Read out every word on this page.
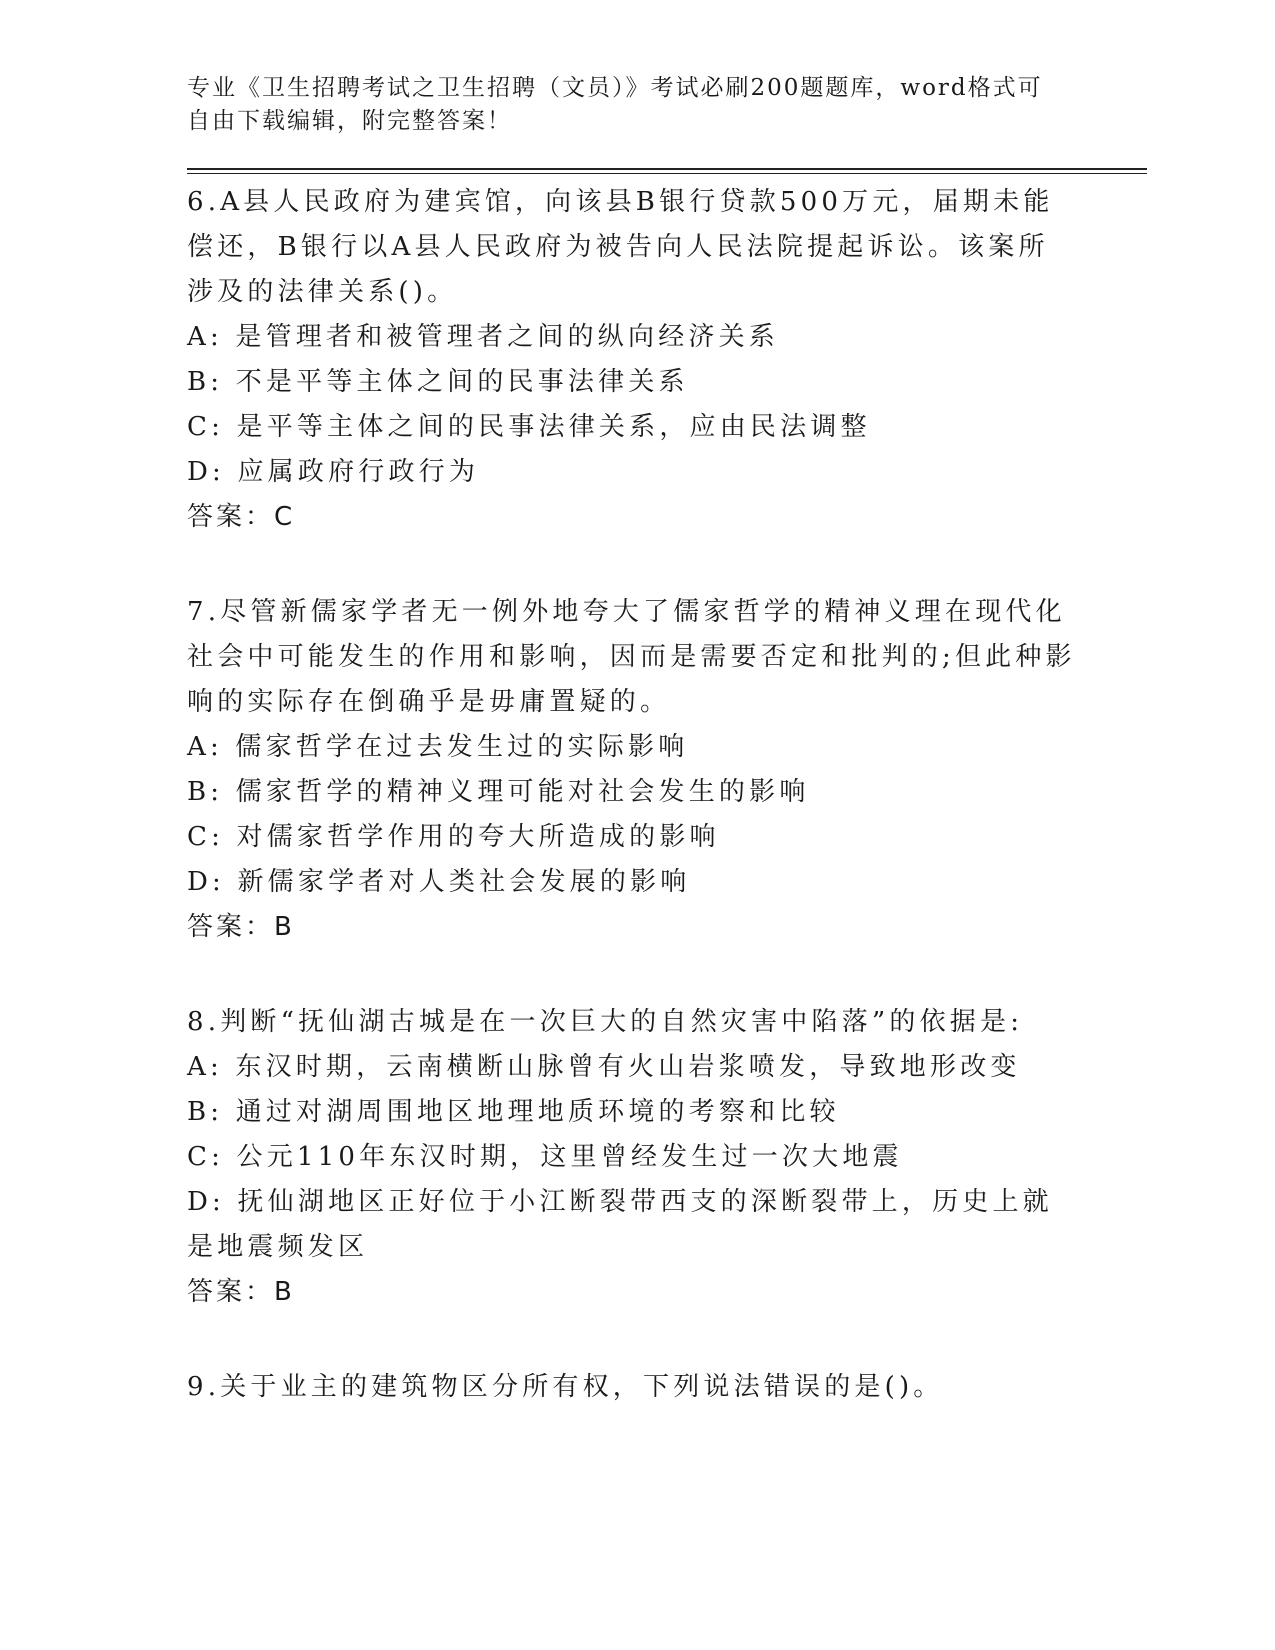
专业《卫生招聘考试之卫生招聘（文员）》考试必刷200题题库，word格式可自由下载编辑，附完整答案！

6.A县人民政府为建宾馆，向该县B银行贷款500万元，届期未能偿还，B银行以A县人民政府为被告向人民法院提起诉讼。该案所涉及的法律关系()。
A: 是管理者和被管理者之间的纵向经济关系
B: 不是平等主体之间的民事法律关系
C: 是平等主体之间的民事法律关系，应由民法调整
D: 应属政府行政行为
答案：C
7.尽管新儒家学者无一例外地夸大了儒家哲学的精神义理在现代化社会中可能发生的作用和影响，因而是需要否定和批判的;但此种影响的实际存在倒确乎是毋庸置疑的。
A: 儒家哲学在过去发生过的实际影响
B: 儒家哲学的精神义理可能对社会发生的影响
C: 对儒家哲学作用的夸大所造成的影响
D: 新儒家学者对人类社会发展的影响
答案：B
8.判断“抚仙湖古城是在一次巨大的自然灾害中陷落”的依据是:
A: 东汉时期，云南横断山脉曾有火山岩浆喷发，导致地形改变
B: 通过对湖周围地区地理地质环境的考察和比较
C: 公元110年东汉时期，这里曾经发生过一次大地震
D: 抚仙湖地区正好位于小江断裂带西支的深断裂带上，历史上就是地震频发区
答案：B
9.关于业主的建筑物区分所有权，下列说法错误的是()。
